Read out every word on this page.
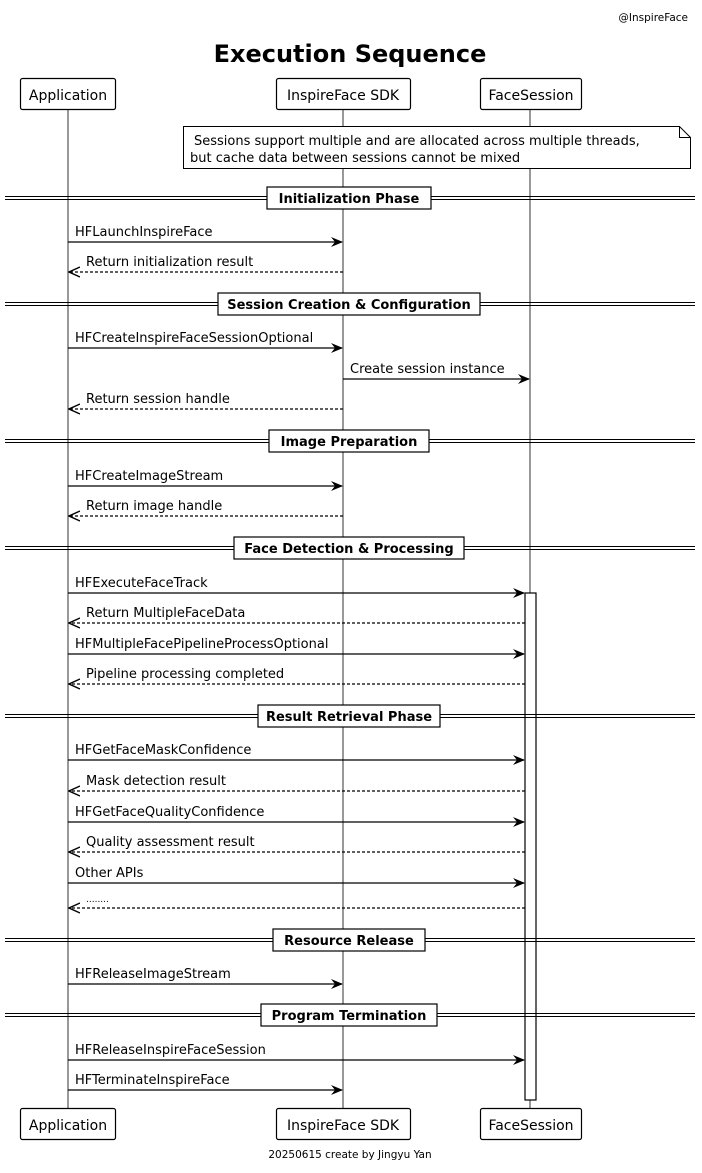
@InspireFace
Execution Sequence
Application	InspireFace SDK	FaceSession
Sessions support multiple and are allocated across multiple threads,
but cache data between sessions cannot be mixed
Initialization Phase
Session Creation & Configuration
Image Preparation
Face Detection & Processing
Result Retrieval Phase
Resource Release
Program Termination
HFLaunchInspireFace
Return initialization result
HFCreateInspireFaceSessionOptional
Create session instance
Return session handle
HFCreateImageStream
Return image handle
HFExecuteFaceTrack
Return MultipleFaceData
HFMultipleFacePipelineProcessOptional
Pipeline processing completed
HFGetFaceMaskConfidence
Mask detection result
HFGetFaceQualityConfidence
Quality assessment result
Other APIs
........
HFReleaseImageStream
HFReleaseInspireFaceSession
HFTerminateInspireFace
Application	InspireFace SDK	FaceSession
20250615 create by Jingyu Yan
